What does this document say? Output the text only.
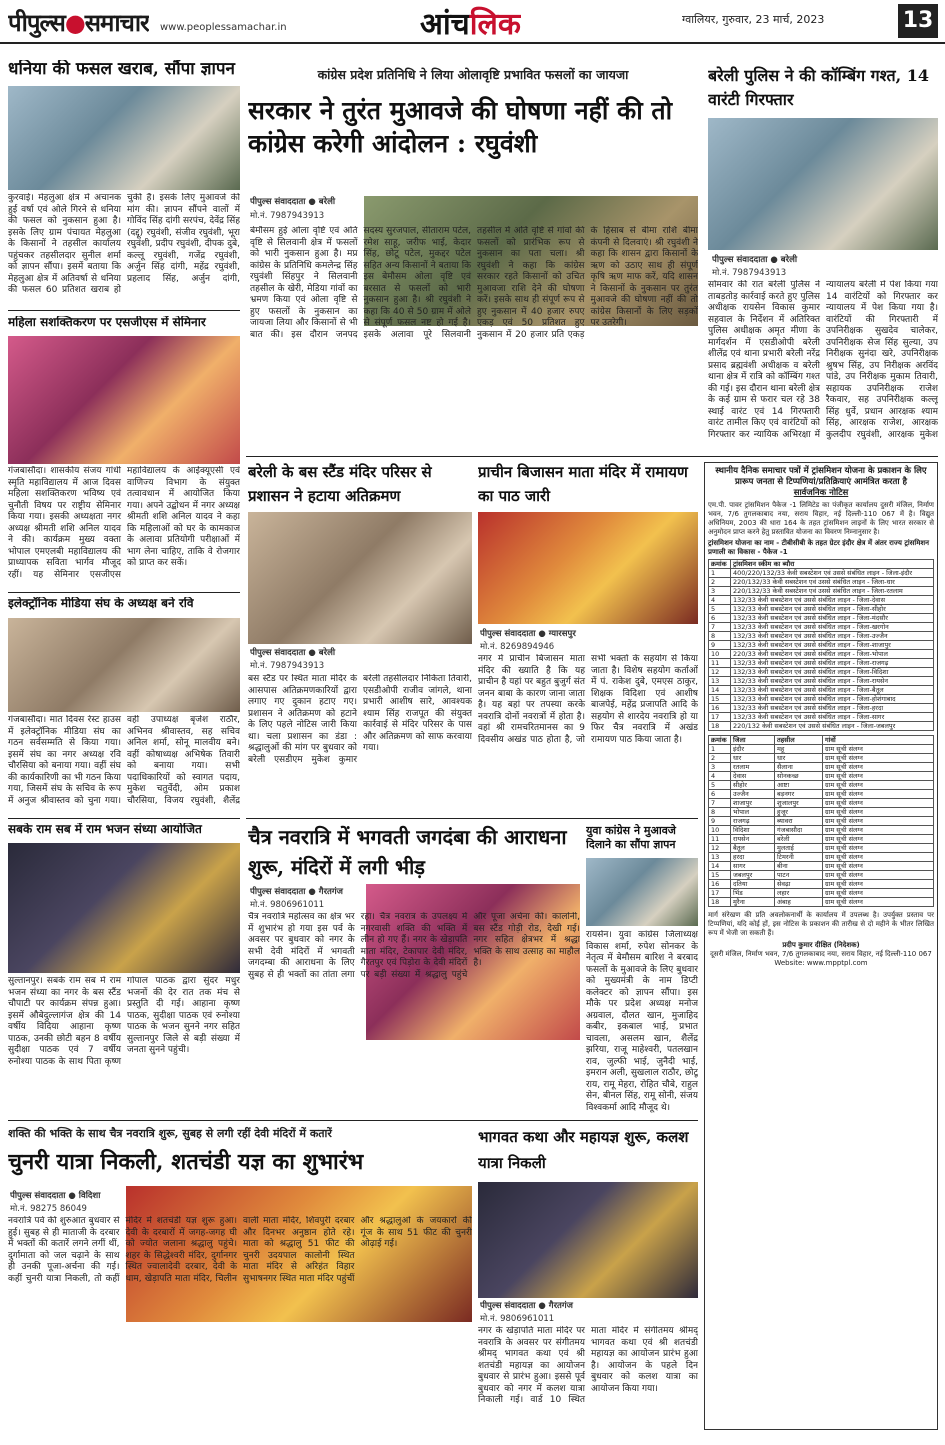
पीपुल्स●समाचार www.peoplessamachar.in	आंचलिक	ग्वालियर, गुरुवार, 23 मार्च, 2023	13
धनिया की फसल खराब, सौंपा ज्ञापन
कुरवाई। मेहलुआ क्षेत्र में अचानक हुई वर्षा एवं ओले गिरने से धनिया की फसल को नुकसान हुआ है। इसके लिए ग्राम पंचायत मेहलुआ के किसानों ने तहसील कार्यालय पहुंचकर तहसीलदार सुनील शर्मा को ज्ञापन सौंपा। इसमें बताया कि मेहलुआ क्षेत्र में अतिवर्षा से धनिया की फसल 60 प्रतिशत खराब हो चुकी है। इसके लिए मुआवजे की मांग की। ज्ञापन सौंपने वालों में गोविंद सिंह दांगी सरपंच, देवेंद्र सिंह (दद्दू) रघुवंशी, संजीव रघुवंशी, भूरा रघुवंशी, प्रदीप रघुवंशी, दीपक दुबे, कल्लू रघुवंशी, गजेंद्र रघुवंशी, अर्जुन सिंह दांगी, महेंद्र रघुवंशी, प्रहलाद सिंह, अर्जुन दांगी,
महिला सशक्तिकरण पर एसजीएस में सेमिनार
गंजबासौदा। शासकीय संजय गांधी स्मृति महाविद्यालय में आज दिवस महिला सशक्तिकरण भविष्य एवं चुनौती विषय पर राष्ट्रीय सेमिनार किया गया। इसकी अध्यक्षता नगर अध्यक्ष श्रीमती शशि अनिल यादव ने की। कार्यक्रम मुख्य वक्ता भोपाल एमएलबी महाविद्यालय की प्राध्यापक सविता भार्गव मौजूद रहीं। यह सेमिनार एसजीएस महाविद्यालय के आईक्यूएसी एवं वाणिज्य विभाग के संयुक्त तत्वावधान में आयोजित किया गया। अपने उद्बोधन में नगर अध्यक्ष श्रीमती शशि अनिल यादव ने कहा कि महिलाओं को घर के कामकाज के अलावा प्रतियोगी परीक्षाओं में भाग लेना चाहिए, ताकि वे रोजगार को प्राप्त कर सकें।
इलेक्ट्रॉनिक मीडिया संघ के अध्यक्ष बने रवि
गंजबासौदा। मात दिवस रेस्ट हाउस में इलेक्ट्रॉनिक मीडिया संघ का गठन सर्वसम्मति से किया गया। इसमें संघ का नगर अध्यक्ष रवि चौरसिया को बनाया गया। वहीं संघ की कार्यकारिणी का भी गठन किया गया, जिसमें संघ के सचिव के रूप में अनुज श्रीवास्तव को चुना गया। वहीं उपाध्यक्ष बृजेश राठौर, अभिनव श्रीवास्तव, सह सचिव अनिल शर्मा, सोनू मालवीय बने। वहीं कोषाध्यक्ष अभिषेक तिवारी को बनाया गया। सभी पदाधिकारियों को स्वागत पदाय, मुकेश चतुर्वेदी, ओम प्रकाश चौरसिया, विजय रघुवंशी, शैलेंद्र
सबके राम सब में राम भजन संध्या आयोजित
सुल्तानपुर। सबके राम सब में राम भजन संध्या का नगर के बस स्टैंड चौपाटी पर कार्यक्रम संपन्न हुआ। इसमें औबेदुल्लागंज क्षेत्र की 14 वर्षीय विदिया आहाना कृष्ण पाठक, उनकी छोटी बहन 8 वर्षीय सुदीक्षा पाठक एवं 7 वर्षीय रुनोश्या पाठक के साथ पिता कृष्ण गोपाल पाठक द्वारा सुंदर मधुर भजनों की देर रात तक मंच से प्रस्तुति दी गई। आहाना कृष्ण पाठक, सुदीक्षा पाठक एवं रुनोश्या पाठक के भजन सुनने नगर सहित सुल्तानपुर जिले से बड़ी संख्या में जनता सुनने पहुंची।
कांग्रेस प्रदेश प्रतिनिधि ने लिया ओलावृष्टि प्रभावित फसलों का जायजा
सरकार ने तुरंत मुआवजे की घोषणा नहीं की तो कांग्रेस करेगी आंदोलन : रघुवंशी
पीपुल्स संवाददाता ● बरेली
मो.नं. 7987943913
बेमौसम हुई ओला वृष्टि एवं अति वृष्टि से सिलवानी क्षेत्र में फसलों को भारी नुकसान हुआ है। मप्र कांग्रेस के प्रतिनिधि कमलेन्द्र सिंह रघुवंशी सिंहपुर ने सिलवानी तहसील के खेरी, मेडिया गांवों का भ्रमण किया एवं ओला वृष्टि से हुए फसलों के नुकसान का जायजा लिया और किसानों से भी बात की। इस दौरान जनपद सदस्य सुरजपाल, सीताराम पटेल, रमेश साहू, जरीफ भाई, केदार सिंह, छोटू पटेल, मुकद्दर पटेल सहित अन्य किसानों ने बताया कि इस बेमौसम ओला वृष्टि एवं बरसात से फसलों को भारी नुकसान हुआ है। श्री रघुवंशी ने कहा कि 40 से 50 ग्राम में ओले से संपूर्ण फसल नष्ट हो गई है। इसके अलावा पूरे सिलवानी तहसील में अति वृष्टि से गांवों की फसलों को प्रारंभिक रूप से नुकसान का पता चला। श्री रघुवंशी ने कहा कि कांग्रेस सरकार रहते किसानों को उचित मुआवजा राशि देने की घोषणा करें। इसके साथ ही संपूर्ण रूप से हुए नुकसान में 40 हजार रुपए एकड़ एवं 50 प्रतिशत हुए नुकसान में 20 हजार प्रति एकड़ के हिसाब से बीमा राशि बीमा कंपनी से दिलवाएं। श्री रघुवंशी ने कहा कि शासन द्वारा किसानों के ऋण को उठाए साथ ही संपूर्ण कृषि ऋण माफ करें, यदि शासन ने किसानों के नुकसान पर तुरंत मुआवजे की घोषणा नहीं की तो कांग्रेस किसानों के लिए सड़कों पर उतरेगी।
बरेली पुलिस ने की कॉम्बिंग गश्त, 14 वारंटी गिरफ्तार
पीपुल्स संवाददाता ● बरेली
मो.नं. 7987943913
सोमवार की रात बरेली पुलिस ने ताबड़तोड़ कार्रवाई करते हुए पुलिस अधीक्षक रायसेन विकास कुमार सहवाल के निर्देशन में अतिरिक्त पुलिस अधीक्षक अमृत मीणा के मार्गदर्शन में एसडीओपी बरेली शीलेंद्र एवं थाना प्रभारी बरेली नरेंद्र प्रसाद ब्रह्मवंशी अधीक्षक व बरेली थाना क्षेत्र में रात्रि को कॉम्बिंग गश्त की गई। इस दौरान थाना बरेली क्षेत्र के कई ग्राम से फरार चल रहे 38 स्थाई वारंट एवं 14 गिरफ्तारी वारंट तामील किए एवं वारंटियों को गिरफ्तार कर न्यायिक अभिरक्षा में न्यायालय बरेली में पेश किया गया 14 वारंटियों को गिरफ्तार कर न्यायालय में पेश किया गया है। वारंटियों की गिरफ्तारी में उपनिरीक्षक सुखदेव चालेकर, उपनिरीक्षक सेज सिंह सुल्या, उप निरीक्षक सुनंदा खरे, उपनिरीक्षक श्रुषभ सिंह, उप निरीक्षक अरविंद पांडे, उप निरीक्षक मुकाम तिवारी, सहायक उपनिरीक्षक राजेश रैकवार, सह उपनिरीक्षक कल्लू सिंह धुर्वे, प्रधान आरक्षक श्याम सिंह, आरक्षक राजेश, आरक्षक कुलदीप रघुवंशी, आरक्षक मुकेश
स्थानीय दैनिक समाचार पत्रों में ट्रांसमिशन योजना के प्रकाशन के लिए प्रारूप जनता से टिप्पणियां/प्रतिक्रियाएं आमंत्रित करता है
सार्वजनिक नोटिस
एम.पी. पावर ट्रांसमिशन पैकेज -1 लिमिटेड का पंजीकृत कार्यालय दुसरी मंजिल, निर्माण भवन, 7/6 तुगलकाबाद नया, सराय विहार, नई दिल्ली-110 067 में है। विद्युत अधिनियम, 2003 की धारा 164 के तहत ट्रांसमिशन लाइनों के लिए भारत सरकार से अनुमोदन प्राप्त करने हेतु प्रस्तावित योजना का विवरण निम्नानुसार है।
ट्रांसमिशन योजना का नाम - टीबीसीबी के तहत ग्रेटर इंदौर क्षेत्र में अंतर राज्य ट्रांसमिशन प्रणाली का विकास - पैकेज -1
क्रमांक	ट्रांसमिशन स्कीम का ब्यौरा
1	400/220/132/33 केवी सबस्टेशन एवं उससे संबंधित लाइन - जिला-इंदौर
2	220/132/33 केवी सबस्टेशन एवं उससे संबंधित लाइन - जिला-धार
3	220/132/33 केवी सबस्टेशन एवं उससे संबंधित लाइन - जिला-रतलाम
4	132/33 केवी सबस्टेशन एवं उससे संबंधित लाइन - जिला-देवास
5	132/33 केवी सबस्टेशन एवं उससे संबंधित लाइन - जिला-सीहोर
6	132/33 केवी सबस्टेशन एवं उससे संबंधित लाइन - जिला-मंदसौर
7	132/33 केवी सबस्टेशन एवं उससे संबंधित लाइन - जिला-खरगोन
8	132/33 केवी सबस्टेशन एवं उससे संबंधित लाइन - जिला-उज्जैन
9	132/33 केवी सबस्टेशन एवं उससे संबंधित लाइन - जिला-शाजापुर
10	220/33 केवी सबस्टेशन एवं उससे संबंधित लाइन - जिला-भोपाल
11	132/33 केवी सबस्टेशन एवं उससे संबंधित लाइन - जिला-राजगढ़
12	132/33 केवी सबस्टेशन एवं उससे संबंधित लाइन - जिला-विदिशा
13	132/33 केवी सबस्टेशन एवं उससे संबंधित लाइन - जिला-रायसेन
14	132/33 केवी सबस्टेशन एवं उससे संबंधित लाइन - जिला-बैतूल
15	132/33 केवी सबस्टेशन एवं उससे संबंधित लाइन - जिला-होशंगाबाद
16	132/33 केवी सबस्टेशन एवं उससे संबंधित लाइन - जिला-हरदा
17	132/33 केवी सबस्टेशन एवं उससे संबंधित लाइन - जिला-सागर
18	220/132 केवी सबस्टेशन एवं उससे संबंधित लाइन - जिला-जबलपुर
क्रमांक	जिला	तहसील	गांवों
1	इंदौर	महू	ग्राम सूची संलग्न
2	धार	धार	ग्राम सूची संलग्न
3	रतलाम	सैलाना	ग्राम सूची संलग्न
4	देवास	सोनकच्छ	ग्राम सूची संलग्न
5	सीहोर	आष्टा	ग्राम सूची संलग्न
6	उज्जैन	बड़नगर	ग्राम सूची संलग्न
7	शाजापुर	शुजालपुर	ग्राम सूची संलग्न
8	भोपाल	हुजूर	ग्राम सूची संलग्न
9	राजगढ़	ब्यावरा	ग्राम सूची संलग्न
10	विदिशा	गंजबासौदा	ग्राम सूची संलग्न
11	रायसेन	बरेली	ग्राम सूची संलग्न
12	बैतूल	मुलताई	ग्राम सूची संलग्न
13	हरदा	टिमरनी	ग्राम सूची संलग्न
14	सागर	बीना	ग्राम सूची संलग्न
15	जबलपुर	पाटन	ग्राम सूची संलग्न
16	दतिया	सेवढ़ा	ग्राम सूची संलग्न
17	भिंड	लहार	ग्राम सूची संलग्न
18	मुरैना	अंबाह	ग्राम सूची संलग्न
मार्ग संरेखण की प्रति अवलोकनार्थी के कार्यालय में उपलब्ध है। उपर्युक्त प्रस्ताव पर टिप्पणियां, यदि कोई हों, इस नोटिस के प्रकाशन की तारीख से दो महीने के भीतर लिखित रूप में भेजी जा सकती हैं।
प्रदीप कुमार दीक्षित (निदेशक)
दूसरी मंजिल, निर्माण भवन, 7/6 तुगलकाबाद नया, सराय विहार, नई दिल्ली-110 067
Website: www.mpptpl.com
बरेली के बस स्टैंड मंदिर परिसर से प्रशासन ने हटाया अतिक्रमण
पीपुल्स संवाददाता ● बरेली
मो.नं. 7987943913
बस स्टैंड पर स्थित माता मंदिर के आसपास अतिक्रमणकारियों द्वारा लगाए गए दुकान हटाए गए। प्रशासन ने अतिक्रमण को हटाने के लिए पहले नोटिस जारी किया था। चला प्रशासन का डंडा : श्रद्धालुओं की मांग पर बुधवार को बरेली एसडीएम मुकेश कुमार बरेली तहसीलदार निकिता तिवारी, एसडीओपी राजीव जांगले, थाना प्रभारी आशीष सारे, आवश्यक श्याम सिंह राजपूत की संयुक्त कार्रवाई से मंदिर परिसर के पास और अतिक्रमण को साफ करवाया गया।
प्राचीन बिजासन माता मंदिर में रामायण का पाठ जारी
पीपुल्स संवाददाता ● ग्यारसपुर
मो.नं. 8269894946
नगर में प्राचीन बिजासन माता मंदिर की ख्याति है कि यह प्राचीन है यहां पर बहुत बुजुर्ग संत जनन बाबा के कारण जाना जाता है। यह बहां पर तपस्या करके नवरात्रि दोनों नवरात्रों में होता है। वहां श्री रामचरितमानस का 9 दिवसीय अखंड पाठ होता है, जो सभी भक्तों के सहयोग से किया जाता है। विशेष सहयोग कर्ताओं में पं. राकेश दुबे, एमएस ठाकुर, शिक्षक विदिशा एवं आशीष बाजपेई, महेंद्र प्रजापति आदि के सहयोग से शारदेय नवरात्रि हो या फिर चैत्र नवरात्रि में अखंड रामायण पाठ किया जाता है।
चैत्र नवरात्रि में भगवती जगदंबा की आराधना शुरू, मंदिरों में लगी भीड़
पीपुल्स संवाददाता ● गैरतगंज
मो.नं. 9806961011
चैत्र नवरात्रि महोत्सव का क्षेत्र भर में शुभारंभ हो गया इस पर्व के अवसर पर बुधवार को नगर के सभी देवी मंदिरों में भगवती जगदम्बा की आराधना के लिए सुबह से ही भक्तों का तांता लगा रहा। चैत्र नवरात्र के उपलक्ष्य में नगरवासी शक्ति की भक्ति में लीन हो गए हैं। नगर के खेड़ापति माता मंदिर, टेकापार देवी मंदिर, गैरतपुर एवं पिड़ोरा के देवी मंदिरों पर बड़ी संख्या में श्रद्धालु पहुंचे और पूजा अर्चना की। कालोनी, बस स्टैंड गोड़ी रोड, देखी गई। नगर सहित क्षेत्रभर में श्रद्धा भक्ति के साथ उत्साह का माहौल है।
युवा कांग्रेस ने मुआवजे दिलाने का सौंपा ज्ञापन
रायसेन। युवा कांग्रेस जिलाध्यक्ष विकास शर्मा, रुपेश सोनकर के नेतृत्व में बेमौसम बारिश ने बरबाद फसलों के मुआवजे के लिए बुधवार को मुख्यमंत्री के नाम डिप्टी कलेक्टर को ज्ञापन सौंपा। इस मौके पर प्रदेश अध्यक्ष मनोज अग्रवाल, दौलत खान, मुजाहिद कबीर, इकबाल भाई, प्रभात चावला, असलम खान, शैलेंद्र झरिया, राजू माहेश्वरी, पतलखान राव, जुल्फी भाई, जुनैदी भाई, इमरान अली, सुखलाल राठौर, छोटू राय, रामू मेहरा, रोहित चौबे, राहुल सेन, बीनल सिंह, रामू सोनी, संजय विश्वकर्मा आदि मौजूद थे।
शक्ति की भक्ति के साथ चैत्र नवरात्रि शुरू, सुबह से लगी रहीं देवी मंदिरों में कतारें
चुनरी यात्रा निकली, शतचंडी यज्ञ का शुभारंभ
पीपुल्स संवाददाता ● विदिशा
मो.नं. 98275 86049
नवरात्रि पर्व की शुरुआत बुधवार से हुई। सुबह से ही माताजी के दरबार में भक्तों की कतारें लगने लगीं थीं, दुर्गामाता को जल चढ़ाने के साथ ही उनकी पूजा-अर्चना की गई। कहीं चुनरी यात्रा निकली, तो कहीं मंदिर में शतचंडी यज्ञ शुरू हुआ। देवी के दरबारों में जगह-जगह घी को ज्योत जलाना श्रद्धालु पहुंचे। शहर के सिद्धेश्वरी मंदिर, दुर्गानगर स्थित ज्वालादेवी दरबार, देवी के धाम, खेड़ापति माता मंदिर, चिलीन वाली माता मंदिर, शिवपुरी दरबार और दिनभर अनुष्ठान होते रहे। माता को श्रद्धालु 51 फीट की चुनरी उदयपाल कालोनी स्थित माता मंदिर से अरिहंत विहार सुभाषनगर स्थित माता मंदिर पहुंचीं और श्रद्धालुओं के जयकारों की गूंज के साथ 51 फीट की चुनरी ओढ़ाई गई।
भागवत कथा और महायज्ञ शुरू, कलश यात्रा निकली
पीपुल्स संवाददाता ● गैरतगंज
मो.नं. 9806961011
नगर के खेड़ापति माता मंदिर पर नवरात्रि के अवसर पर संगीतमय श्रीमद् भागवत कथा एवं श्री शतचंडी महायज्ञ का आयोजन बुधवार से प्रारंभ हुआ। इससे पूर्व बुधवार को नगर में कलश यात्रा निकाली गई। वार्ड 10 स्थित माता मंदिर में संगीतमय श्रीमद् भागवत कथा एवं श्री शतचंडी महायज्ञ का आयोजन प्रारंभ हुआ है। आयोजन के पहले दिन बुधवार को कलश यात्रा का आयोजन किया गया।
